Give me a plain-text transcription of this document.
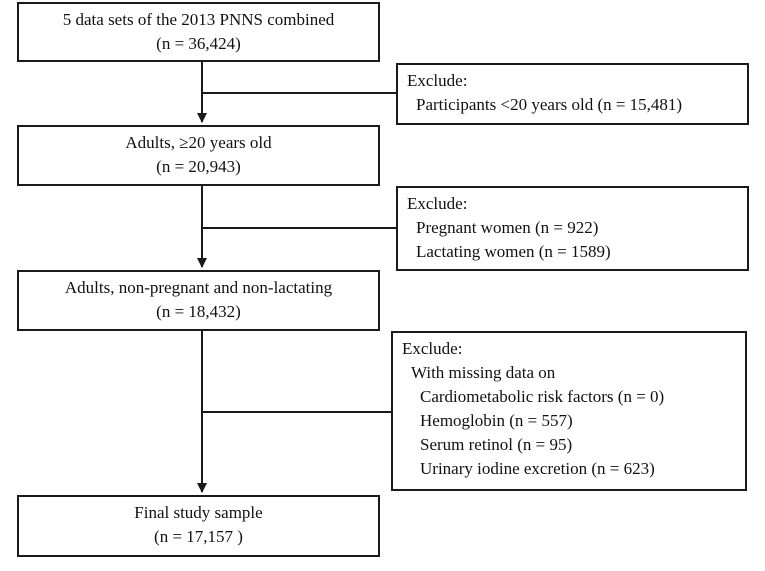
5 data sets of the 2013 PNNS combined
(n = 36,424)
Adults, ≥20 years old
(n = 20,943)
Adults, non-pregnant and non-lactating
(n = 18,432)
Final study sample
(n = 17,157 )
Exclude:
Participants <20 years old (n = 15,481)
Exclude:
Pregnant women (n = 922)
Lactating women (n = 1589)
Exclude:
With missing data on
Cardiometabolic risk factors (n = 0)
Hemoglobin (n = 557)
Serum retinol (n = 95)
Urinary iodine excretion (n = 623)
